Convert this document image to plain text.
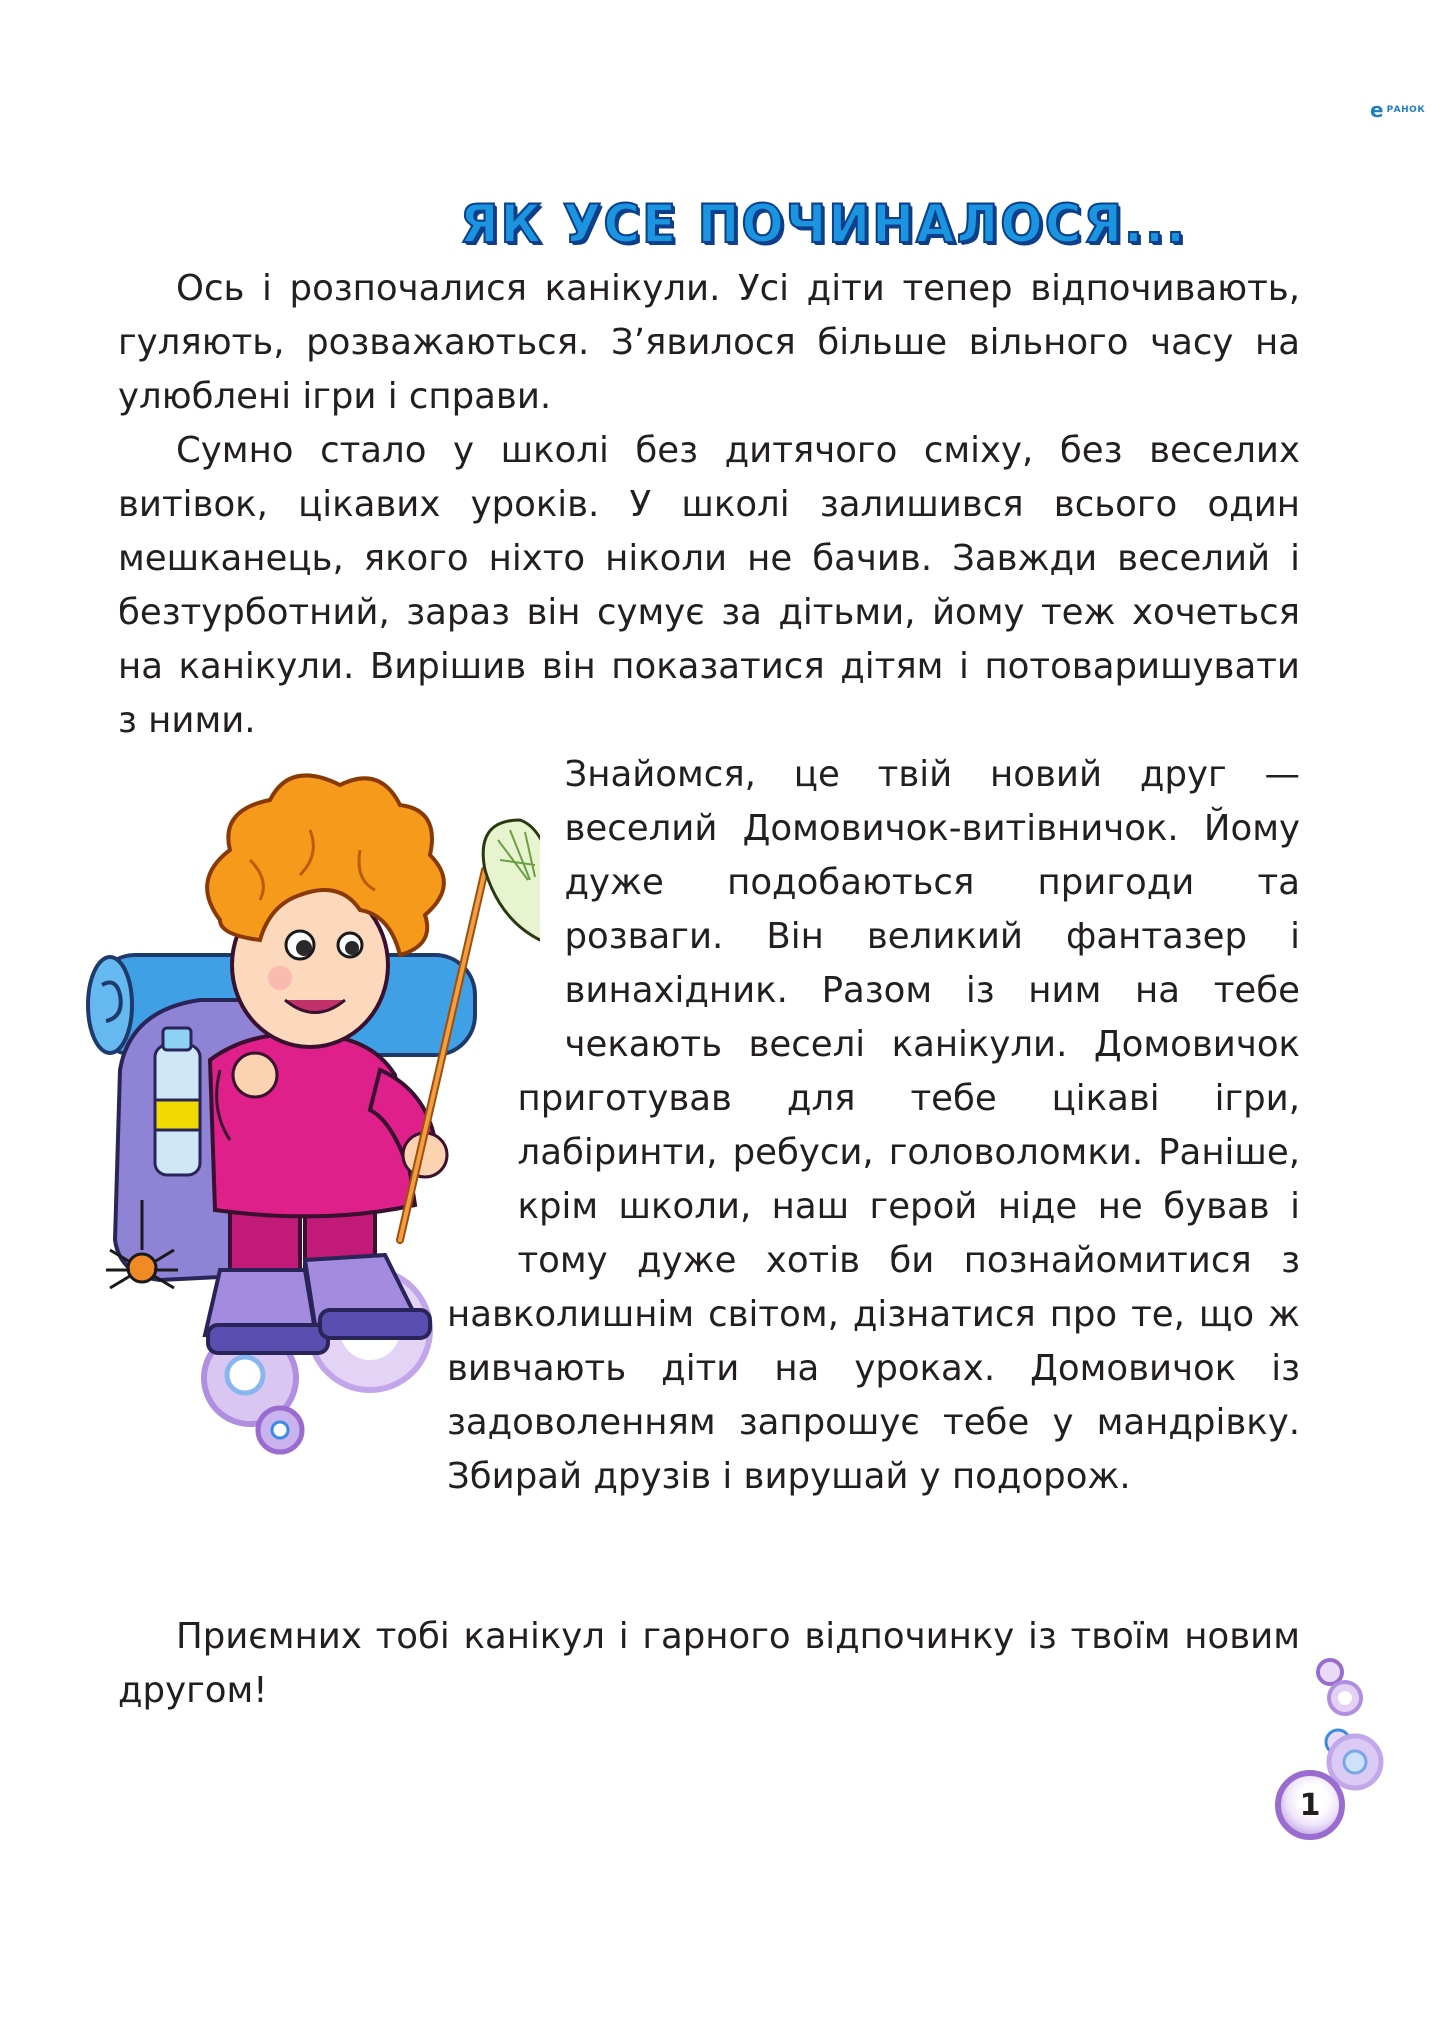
e РАНОК
ЯК УСЕ ПОЧИНАЛОСЯ...

Ось і розпочалися канікули. Усі діти тепер відпочивають, гуляють, розважаються. З’явилося більше вільного часу на улюблені ігри і справи.

Сумно стало у школі без дитячого сміху, без веселих витівок, цікавих уроків. У школі залишився всього один мешканець, якого ніхто ніколи не бачив. Завжди веселий і безтурботний, зараз він сумує за дітьми, йому теж хочеться на канікули. Вирішив він показатися дітям і потоваришувати з ними.

Знайомся, це твій новий друг — веселий Домовичок-витівничок. Йому дуже подобаються пригоди та розваги. Він великий фантазер і винахідник. Разом із ним на тебе чекають веселі канікули. Домовичок приготував для тебе цікаві ігри, лабіринти, ребуси, головоломки. Раніше, крім школи, наш герой ніде не бував і тому дуже хотів би познайомитися з навколишнім світом, дізнатися про те, що ж вивчають діти на уроках. Домовичок із задоволенням запрошує тебе у мандрівку. Збирай друзів і вирушай у подорож.

Приємних тобі канікул і гарного відпочинку із твоїм новим другом!

1
